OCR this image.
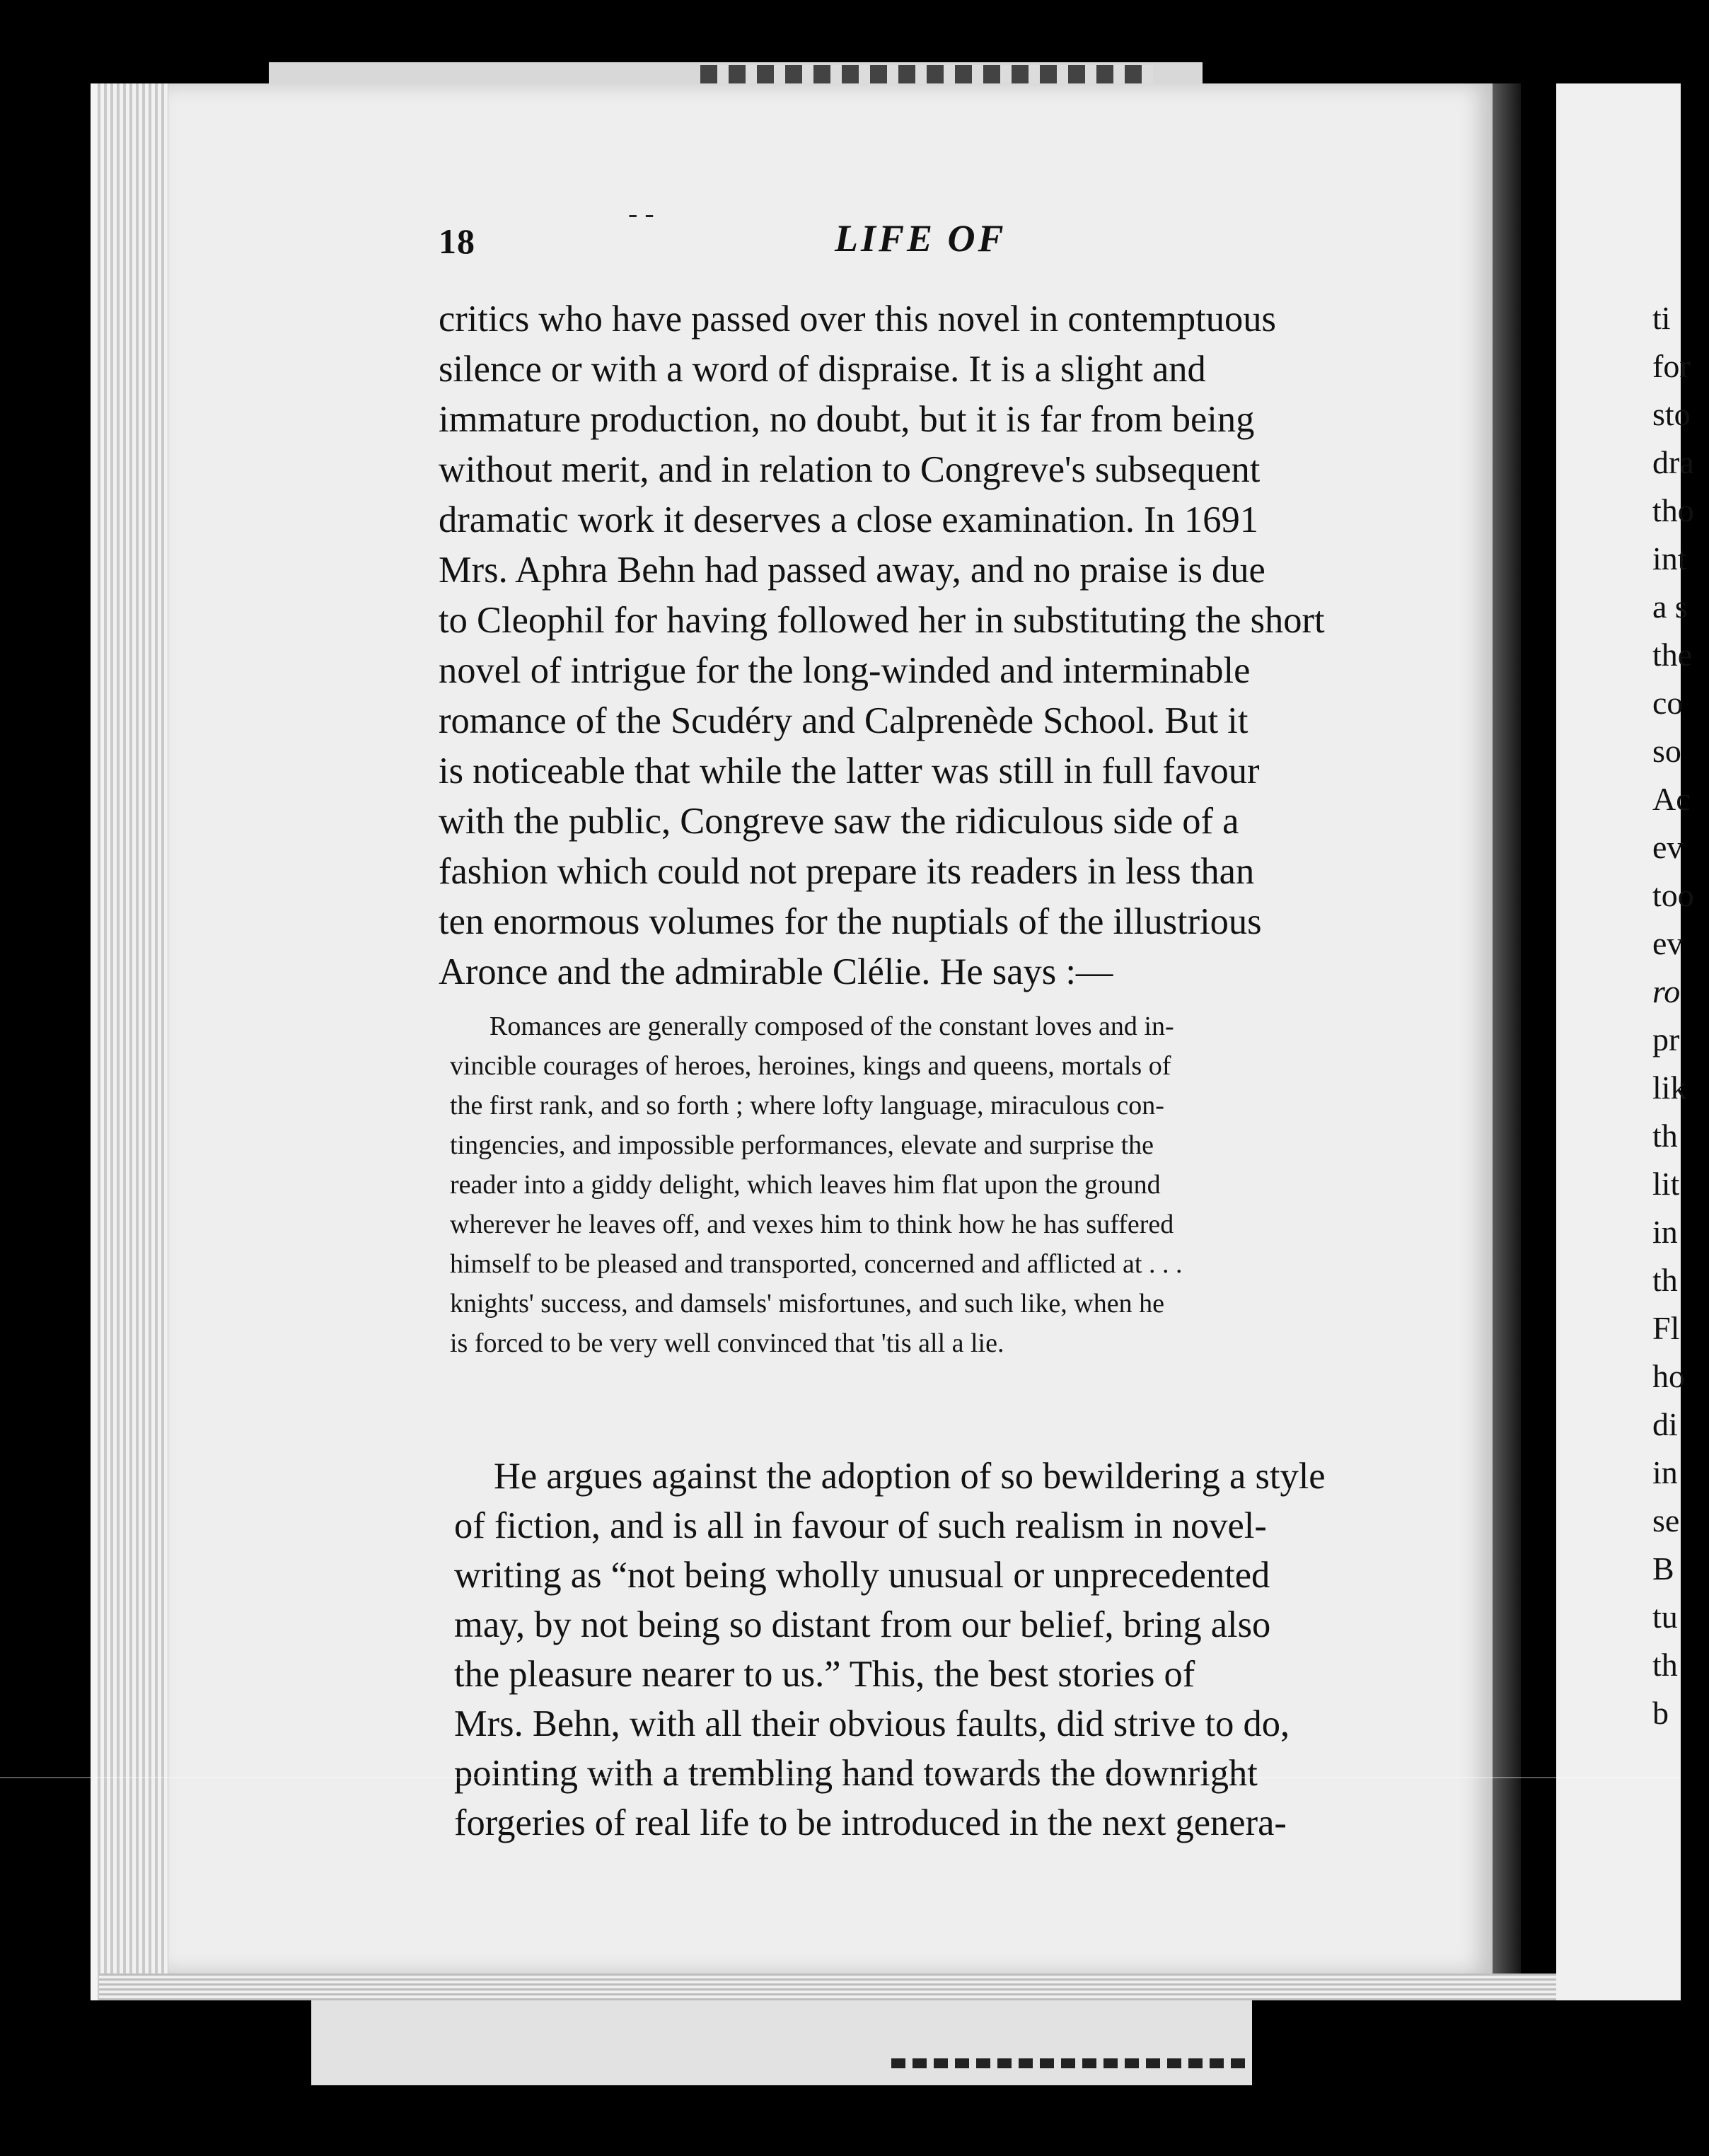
18
- -
LIFE OF
critics who have passed over this novel in contemptuous
silence or with a word of dispraise. It is a slight and
immature production, no doubt, but it is far from being
without merit, and in relation to Congreve's subsequent
dramatic work it deserves a close examination. In 1691
Mrs. Aphra Behn had passed away, and no praise is due
to Cleophil for having followed her in substituting the short
novel of intrigue for the long-winded and interminable
romance of the Scudéry and Calprenède School. But it
is noticeable that while the latter was still in full favour
with the public, Congreve saw the ridiculous side of a
fashion which could not prepare its readers in less than
ten enormous volumes for the nuptials of the illustrious
Aronce and the admirable Clélie. He says :—
Romances are generally composed of the constant loves and in-
vincible courages of heroes, heroines, kings and queens, mortals of
the first rank, and so forth ; where lofty language, miraculous con-
tingencies, and impossible performances, elevate and surprise the
reader into a giddy delight, which leaves him flat upon the ground
wherever he leaves off, and vexes him to think how he has suffered
himself to be pleased and transported, concerned and afflicted at . . .
knights' success, and damsels' misfortunes, and such like, when he
is forced to be very well convinced that 'tis all a lie.
He argues against the adoption of so bewildering a style
of fiction, and is all in favour of such realism in novel-
writing as “not being wholly unusual or unprecedented
may, by not being so distant from our belief, bring also
the pleasure nearer to us.” This, the best stories of
Mrs. Behn, with all their obvious faults, did strive to do,
pointing with a trembling hand towards the downright
forgeries of real life to be introduced in the next genera-
ti
for
sto
dra
tho
int
a s
the
co
so
Ac
ev
too
ev
ro
pr
lik
th
lit
in
th
Fl
ho
di
in
se
B
tu
th
b
